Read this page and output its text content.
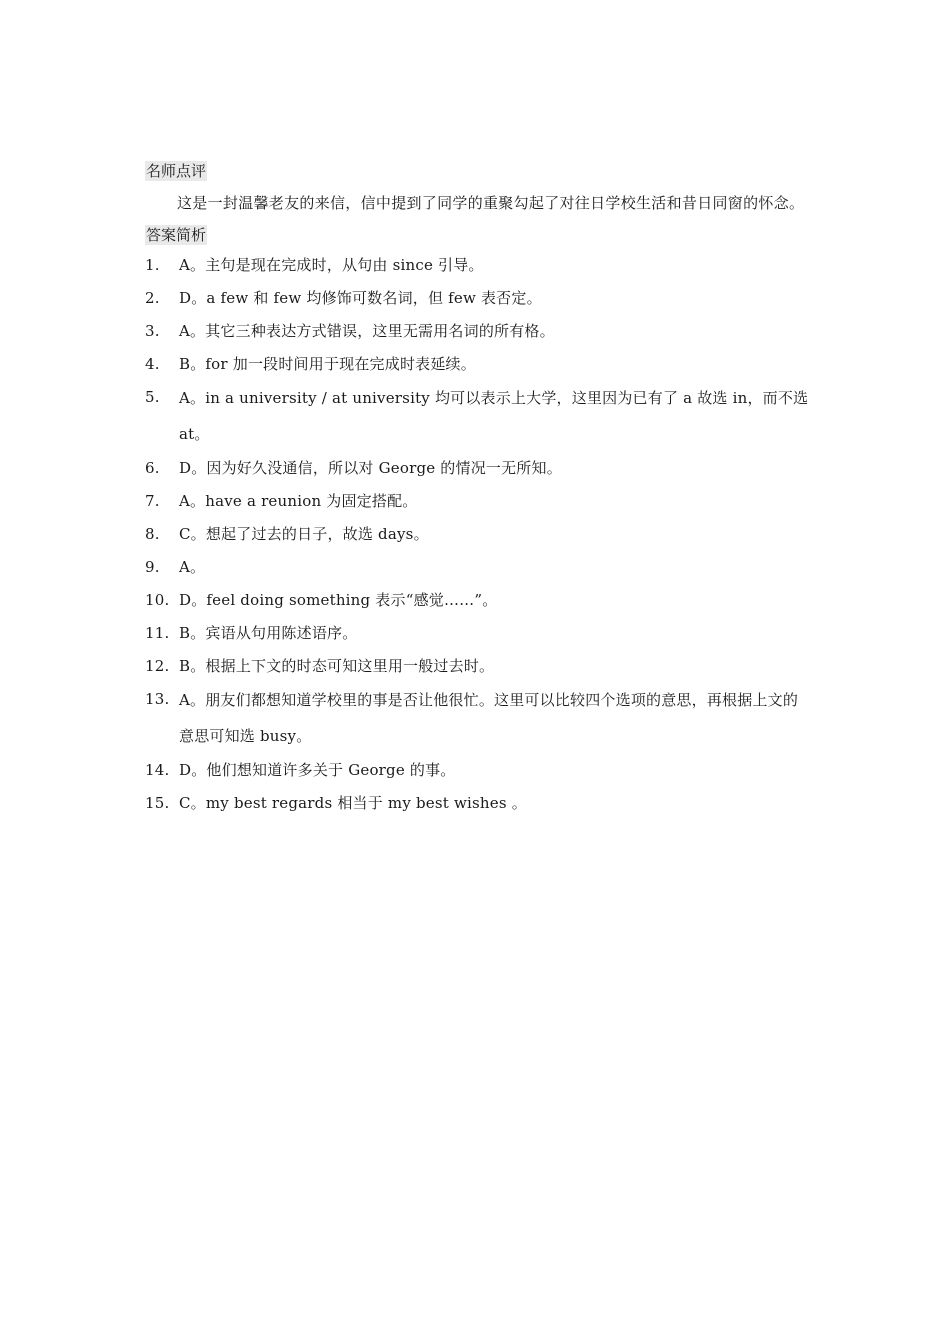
名师点评

这是一封温馨老友的来信，信中提到了同学的重聚勾起了对往日学校生活和昔日同窗的怀念。

答案简析
1.	A。主句是现在完成时，从句由 since 引导。
2.	D。a few 和 few 均修饰可数名词，但 few 表否定。
3.	A。其它三种表达方式错误，这里无需用名词的所有格。
4.	B。for 加一段时间用于现在完成时表延续。
5.	A。in a university / at university 均可以表示上大学，这里因为已有了 a 故选 in，而不选 at。
6.	D。因为好久没通信，所以对 George 的情况一无所知。
7.	A。have a reunion 为固定搭配。
8.	C。想起了过去的日子，故选 days。
9.	A。
10. D。feel doing something 表示“感觉……”。
11. B。宾语从句用陈述语序。
12. B。根据上下文的时态可知这里用一般过去时。
13. A。朋友们都想知道学校里的事是否让他很忙。这里可以比较四个选项的意思，再根据上文的意思可知选 busy。
14. D。他们想知道许多关于 George 的事。
15. C。my best regards 相当于 my best wishes 。
